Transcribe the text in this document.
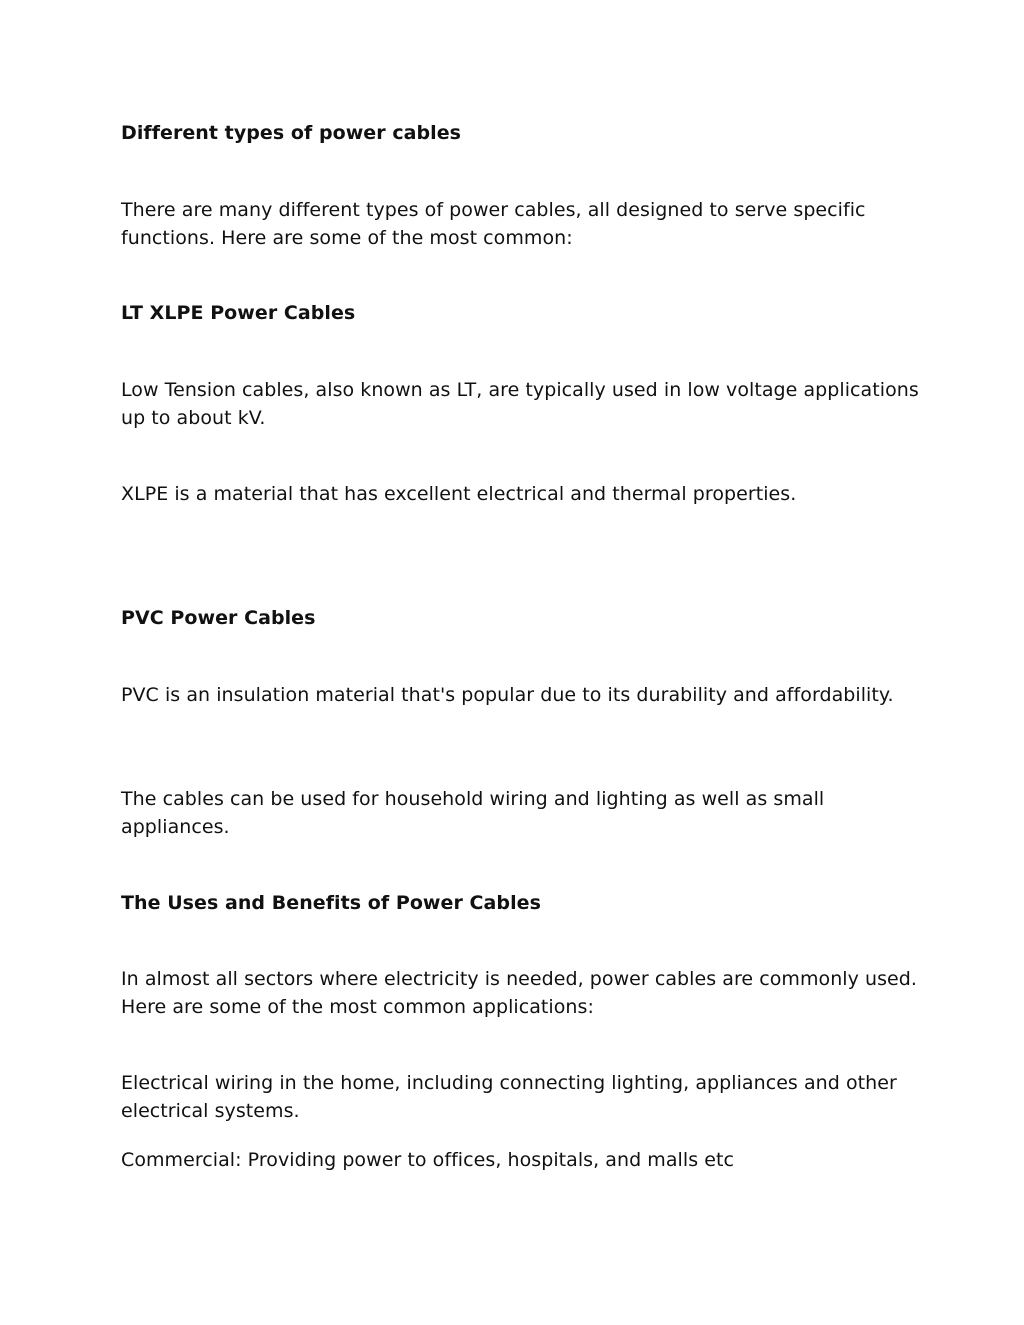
Different types of power cables

There are many different types of power cables, all designed to serve specific functions. Here are some of the most common:

LT XLPE Power Cables

Low Tension cables, also known as LT, are typically used in low voltage applications up to about kV.

XLPE is a material that has excellent electrical and thermal properties.

PVC Power Cables

PVC is an insulation material that's popular due to its durability and affordability.

The cables can be used for household wiring and lighting as well as small appliances.

The Uses and Benefits of Power Cables

In almost all sectors where electricity is needed, power cables are commonly used. Here are some of the most common applications:

Electrical wiring in the home, including connecting lighting, appliances and other electrical systems.

Commercial: Providing power to offices, hospitals, and malls etc
